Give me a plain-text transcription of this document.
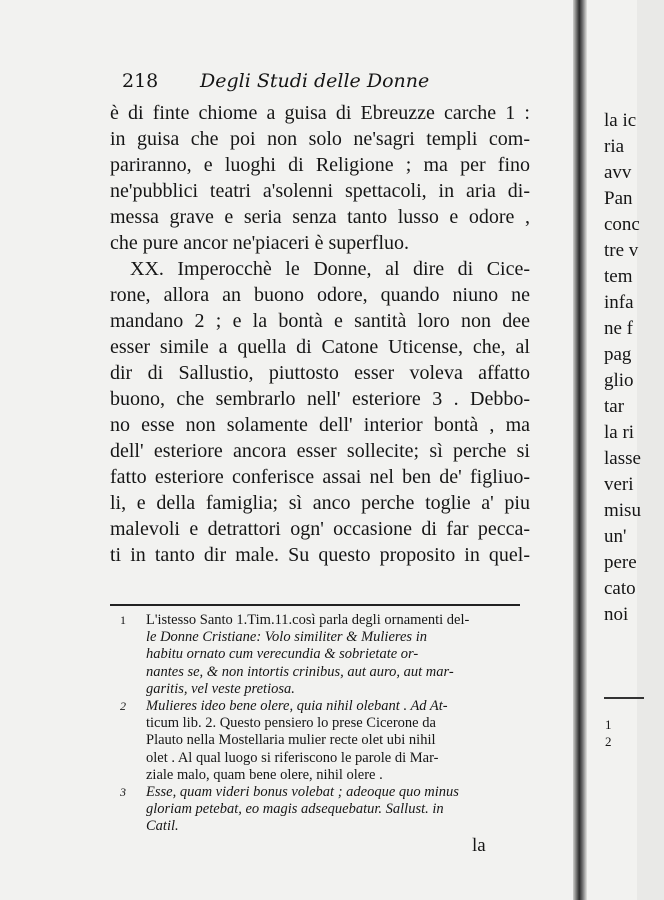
218 Degli Studi delle Donne
è di finte chiome a guisa di Ebreuzze carche 1 :
in guisa che poi non solo ne'sagri templi com-
pariranno, e luoghi di Religione ; ma per fino
ne'pubblici teatri a'solenni spettacoli, in aria di-
messa grave e seria senza tanto lusso e odore ,
che pure ancor ne'piaceri è superfluo.
XX. Imperocchè le Donne, al dire di Cice-
rone, allora an buono odore, quando niuno ne
mandano 2 ; e la bontà e santità loro non dee
esser simile a quella di Catone Uticense, che, al
dir di Sallustio, piuttosto esser voleva affatto
buono, che sembrarlo nell' esteriore 3 . Debbo-
no esse non solamente dell' interior bontà , ma
dell' esteriore ancora esser sollecite; sì perche si
fatto esteriore conferisce assai nel ben de' figliuo-
li, e della famiglia; sì anco perche toglie a' piu
malevoli e detrattori ogn' occasione di far pecca-
ti in tanto dir male. Su questo proposito in quel-
1 L'istesso Santo 1.Tim.11.così parla degli ornamenti del-
le Donne Cristiane: Volo similiter & Mulieres in
habitu ornato cum verecundia & sobrietate or-
nantes se, & non intortis crinibus, aut auro, aut mar-
garitis, vel veste pretiosa.
2 Mulieres ideo bene olere, quia nihil olebant . Ad At-
ticum lib. 2. Questo pensiero lo prese Cicerone da
Plauto nella Mostellaria mulier recte olet ubi nihil
olet . Al qual luogo si riferiscono le parole di Mar-
ziale malo, quam bene olere, nihil olere .
3 Esse, quam videri bonus volebat ; adeoque quo minus
gloriam petebat, eo magis adsequebatur. Sallust. in
Catil.
la
la ic
ria
avv
Pan
conc
tre v
tem
infa
ne f
pag
glio
tar
la ri
lasse
veri
misu
un'
pere
cato
noi
1
2
